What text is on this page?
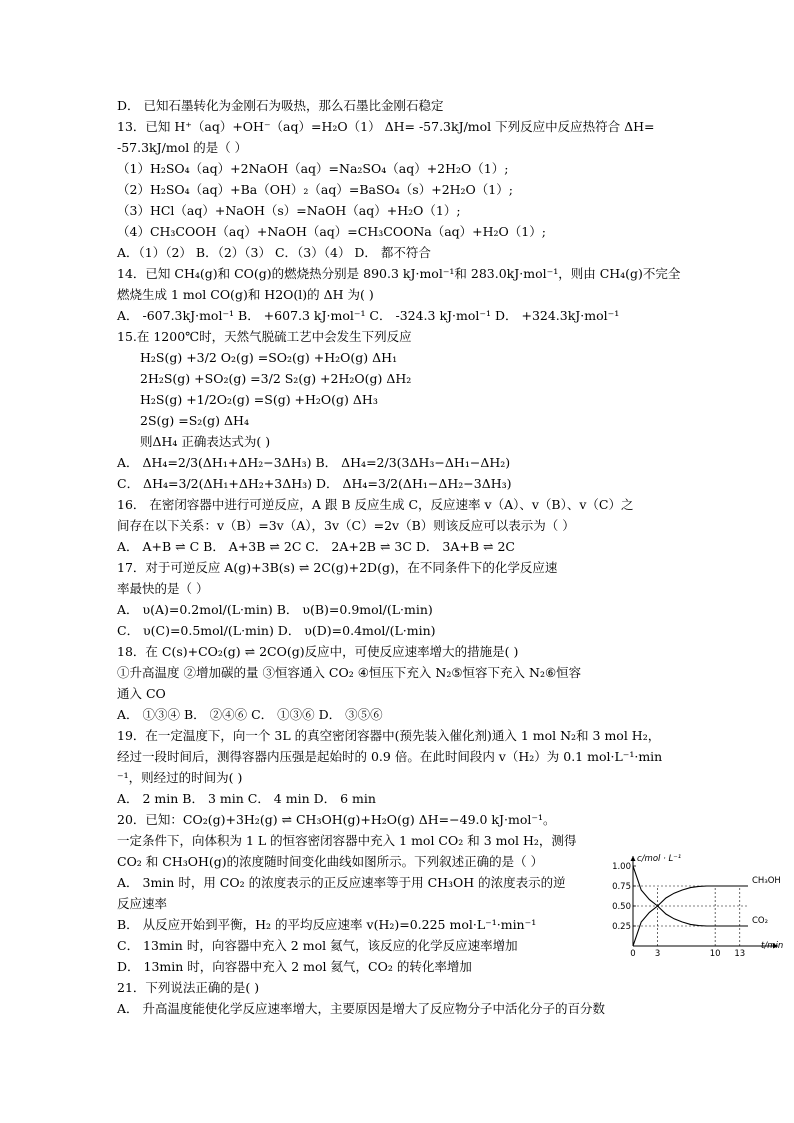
D． 已知石墨转化为金刚石为吸热，那么石墨比金刚石稳定
13．已知 H⁺（aq）+OH⁻（aq）=H₂O（1） ΔH= -57.3kJ/mol 下列反应中反应热符合 ΔH=
-57.3kJ/mol 的是（ ）
（1）H₂SO₄（aq）+2NaOH（aq）=Na₂SO₄（aq）+2H₂O（1）;
（2）H₂SO₄（aq）+Ba（OH）₂（aq）=BaSO₄（s）+2H₂O（1）;
（3）HCl（aq）+NaOH（s）=NaOH（aq）+H₂O（1）;
（4）CH₃COOH（aq）+NaOH（aq）=CH₃COONa（aq）+H₂O（1）;
A．（1）（2） B．（2）（3） C．（3）（4） D． 都不符合
14．已知 CH₄(g)和 CO(g)的燃烧热分别是 890.3 kJ·mol⁻¹和 283.0kJ·mol⁻¹，则由 CH₄(g)不完全
燃烧生成 1 mol CO(g)和 H2O(l)的 ΔH 为( )
A． -607.3kJ·mol⁻¹ B． +607.3 kJ·mol⁻¹ C． -324.3 kJ·mol⁻¹ D． +324.3kJ·mol⁻¹
15.在 1200℃时，天然气脱硫工艺中会发生下列反应
H₂S(g) +3/2 O₂(g) =SO₂(g) +H₂O(g) ΔH₁
2H₂S(g) +SO₂(g) =3/2 S₂(g) +2H₂O(g) ΔH₂
H₂S(g) +1/2O₂(g) =S(g) +H₂O(g) ΔH₃
2S(g) =S₂(g) ΔH₄
则ΔH₄ 正确表达式为( )
A． ΔH₄=2/3(ΔH₁+ΔH₂−3ΔH₃) B． ΔH₄=2/3(3ΔH₃−ΔH₁−ΔH₂)
C． ΔH₄=3/2(ΔH₁+ΔH₂+3ΔH₃) D． ΔH₄=3/2(ΔH₁−ΔH₂−3ΔH₃)
16． 在密闭容器中进行可逆反应，A 跟 B 反应生成 C，反应速率 v（A）、v（B）、v（C）之
间存在以下关系：v（B）=3v（A），3v（C）=2v（B）则该反应可以表示为（ ）
A． A+B ⇌ C B． A+3B ⇌ 2C C． 2A+2B ⇌ 3C D． 3A+B ⇌ 2C
17．对于可逆反应 A(g)+3B(s) ⇌ 2C(g)+2D(g)，在不同条件下的化学反应速
率最快的是（ ）
A． υ(A)=0.2mol/(L·min) B． υ(B)=0.9mol/(L·min)
C． υ(C)=0.5mol/(L·min) D． υ(D)=0.4mol/(L·min)
18．在 C(s)+CO₂(g) ⇌ 2CO(g)反应中，可使反应速率增大的措施是( )
①升高温度 ②增加碳的量 ③恒容通入 CO₂ ④恒压下充入 N₂⑤恒容下充入 N₂⑥恒容
通入 CO
A． ①③④ B． ②④⑥ C． ①③⑥ D． ③⑤⑥
19．在一定温度下，向一个 3L 的真空密闭容器中(预先装入催化剂)通入 1 mol N₂和 3 mol H₂，
经过一段时间后，测得容器内压强是起始时的 0.9 倍。在此时间段内 v（H₂）为 0.1 mol·L⁻¹·min
⁻¹，则经过的时间为( )
A． 2 min B． 3 min C． 4 min D． 6 min
20．已知：CO₂(g)+3H₂(g) ⇌ CH₃OH(g)+H₂O(g) ΔH=−49.0 kJ·mol⁻¹。
一定条件下，向体积为 1 L 的恒容密闭容器中充入 1 mol CO₂ 和 3 mol H₂，测得
CO₂ 和 CH₃OH(g)的浓度随时间变化曲线如图所示。下列叙述正确的是（ ）
A． 3min 时，用 CO₂ 的浓度表示的正反应速率等于用 CH₃OH 的浓度表示的逆
反应速率
B． 从反应开始到平衡，H₂ 的平均反应速率 v(H₂)=0.225 mol·L⁻¹·min⁻¹
C． 13min 时，向容器中充入 2 mol 氦气，该反应的化学反应速率增加
D． 13min 时，向容器中充入 2 mol 氦气，CO₂ 的转化率增加
21．下列说法正确的是( )
A． 升高温度能使化学反应速率增大，主要原因是增大了反应物分子中活化分子的百分数
c/mol · L⁻¹
t/min
1.00
0.75
0.50
0.25
0 3	10 13
CH₃OH
CO₂
